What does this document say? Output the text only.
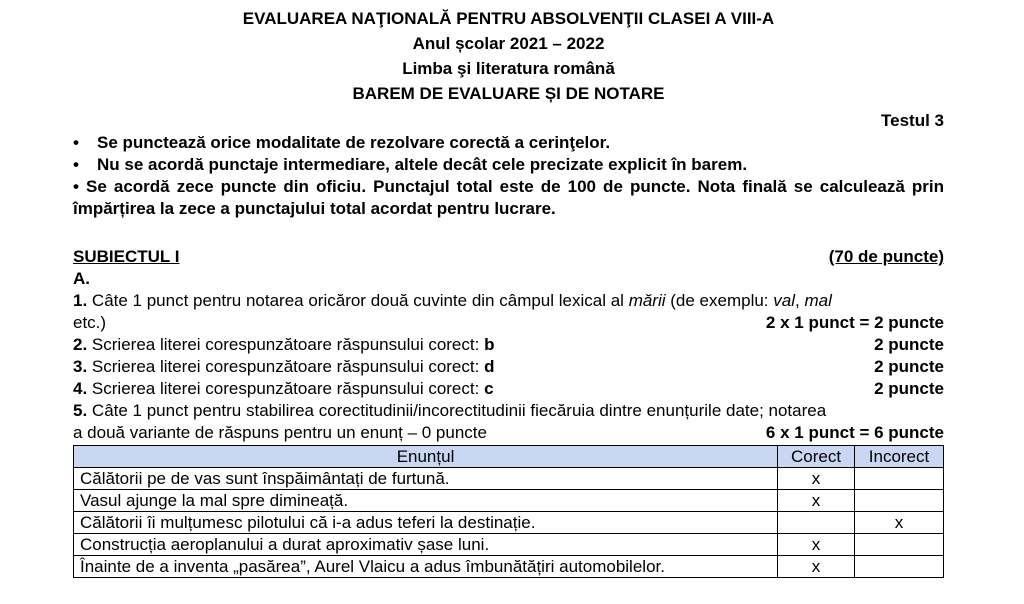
EVALUAREA NAŢIONALĂ PENTRU ABSOLVENŢII CLASEI A VIII-A
Anul școlar 2021 – 2022
Limba şi literatura română
BAREM DE EVALUARE ȘI DE NOTARE
Testul 3
•	Se punctează orice modalitate de rezolvare corectă a cerinţelor.
•	Nu se acordă punctaje intermediare, altele decât cele precizate explicit în barem.
• Se acordă zece puncte din oficiu. Punctajul total este de 100 de puncte. Nota finală se calculează prin împărțirea la zece a punctajului total acordat pentru lucrare.
SUBIECTUL I	(70 de puncte)
A.
1. Câte 1 punct pentru notarea oricăror două cuvinte din câmpul lexical al mării (de exemplu: val, mal
etc.)	2 x 1 punct = 2 puncte
2. Scrierea literei corespunzătoare răspunsului corect: b	2 puncte
3. Scrierea literei corespunzătoare răspunsului corect: d	2 puncte
4. Scrierea literei corespunzătoare răspunsului corect: c	2 puncte
5. Câte 1 punct pentru stabilirea corectitudinii/incorectitudinii fiecăruia dintre enunțurile date; notarea
a două variante de răspuns pentru un enunț – 0 puncte	6 x 1 punct = 6 puncte
Enunțul	Corect	Incorect
Călătorii pe de vas sunt înspăimântați de furtună.	x	
Vasul ajunge la mal spre dimineață.	x	
Călătorii îi mulțumesc pilotului că i-a adus teferi la destinație.		x
Construcția aeroplanului a durat aproximativ șase luni.	x	
Înainte de a inventa „pasărea”, Aurel Vlaicu a adus îmbunătățiri automobilelor.	x	
